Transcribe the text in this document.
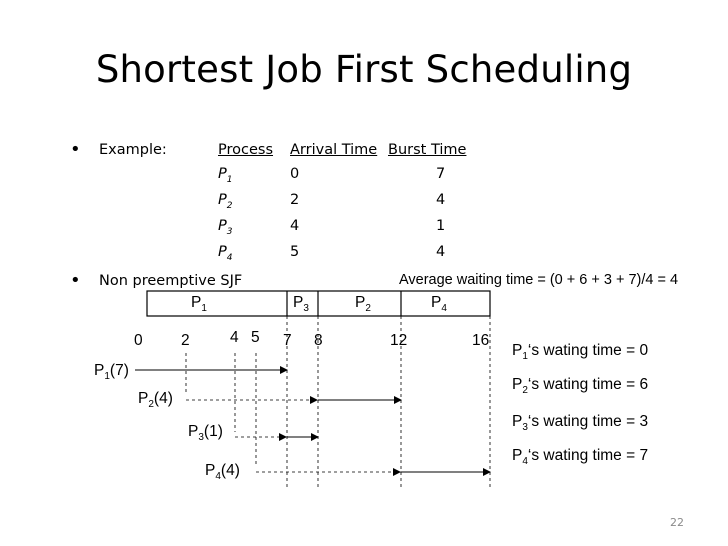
Shortest Job First Scheduling
• Example:	Process Arrival Time Burst Time
$P_1$	0	7
$P_2$	2	4
$P_3$	4	1
$P_4$	5	4
• Non preemptive SJF	Average waiting time = (0 + 6 + 3 + 7)/4 = 4
$P_1$	$P_3$	$P_2$	$P_4$
0 2	4 5 7 8	12	16
$P_1(7)$
$P_2(4)$
$P_3(1)$
$P_4(4)$
$P_1‘s$ wating time = 0
$P_2‘s$ wating time = 6
$P_3‘s$ wating time = 3
$P_4‘s$ wating time = 7
22
